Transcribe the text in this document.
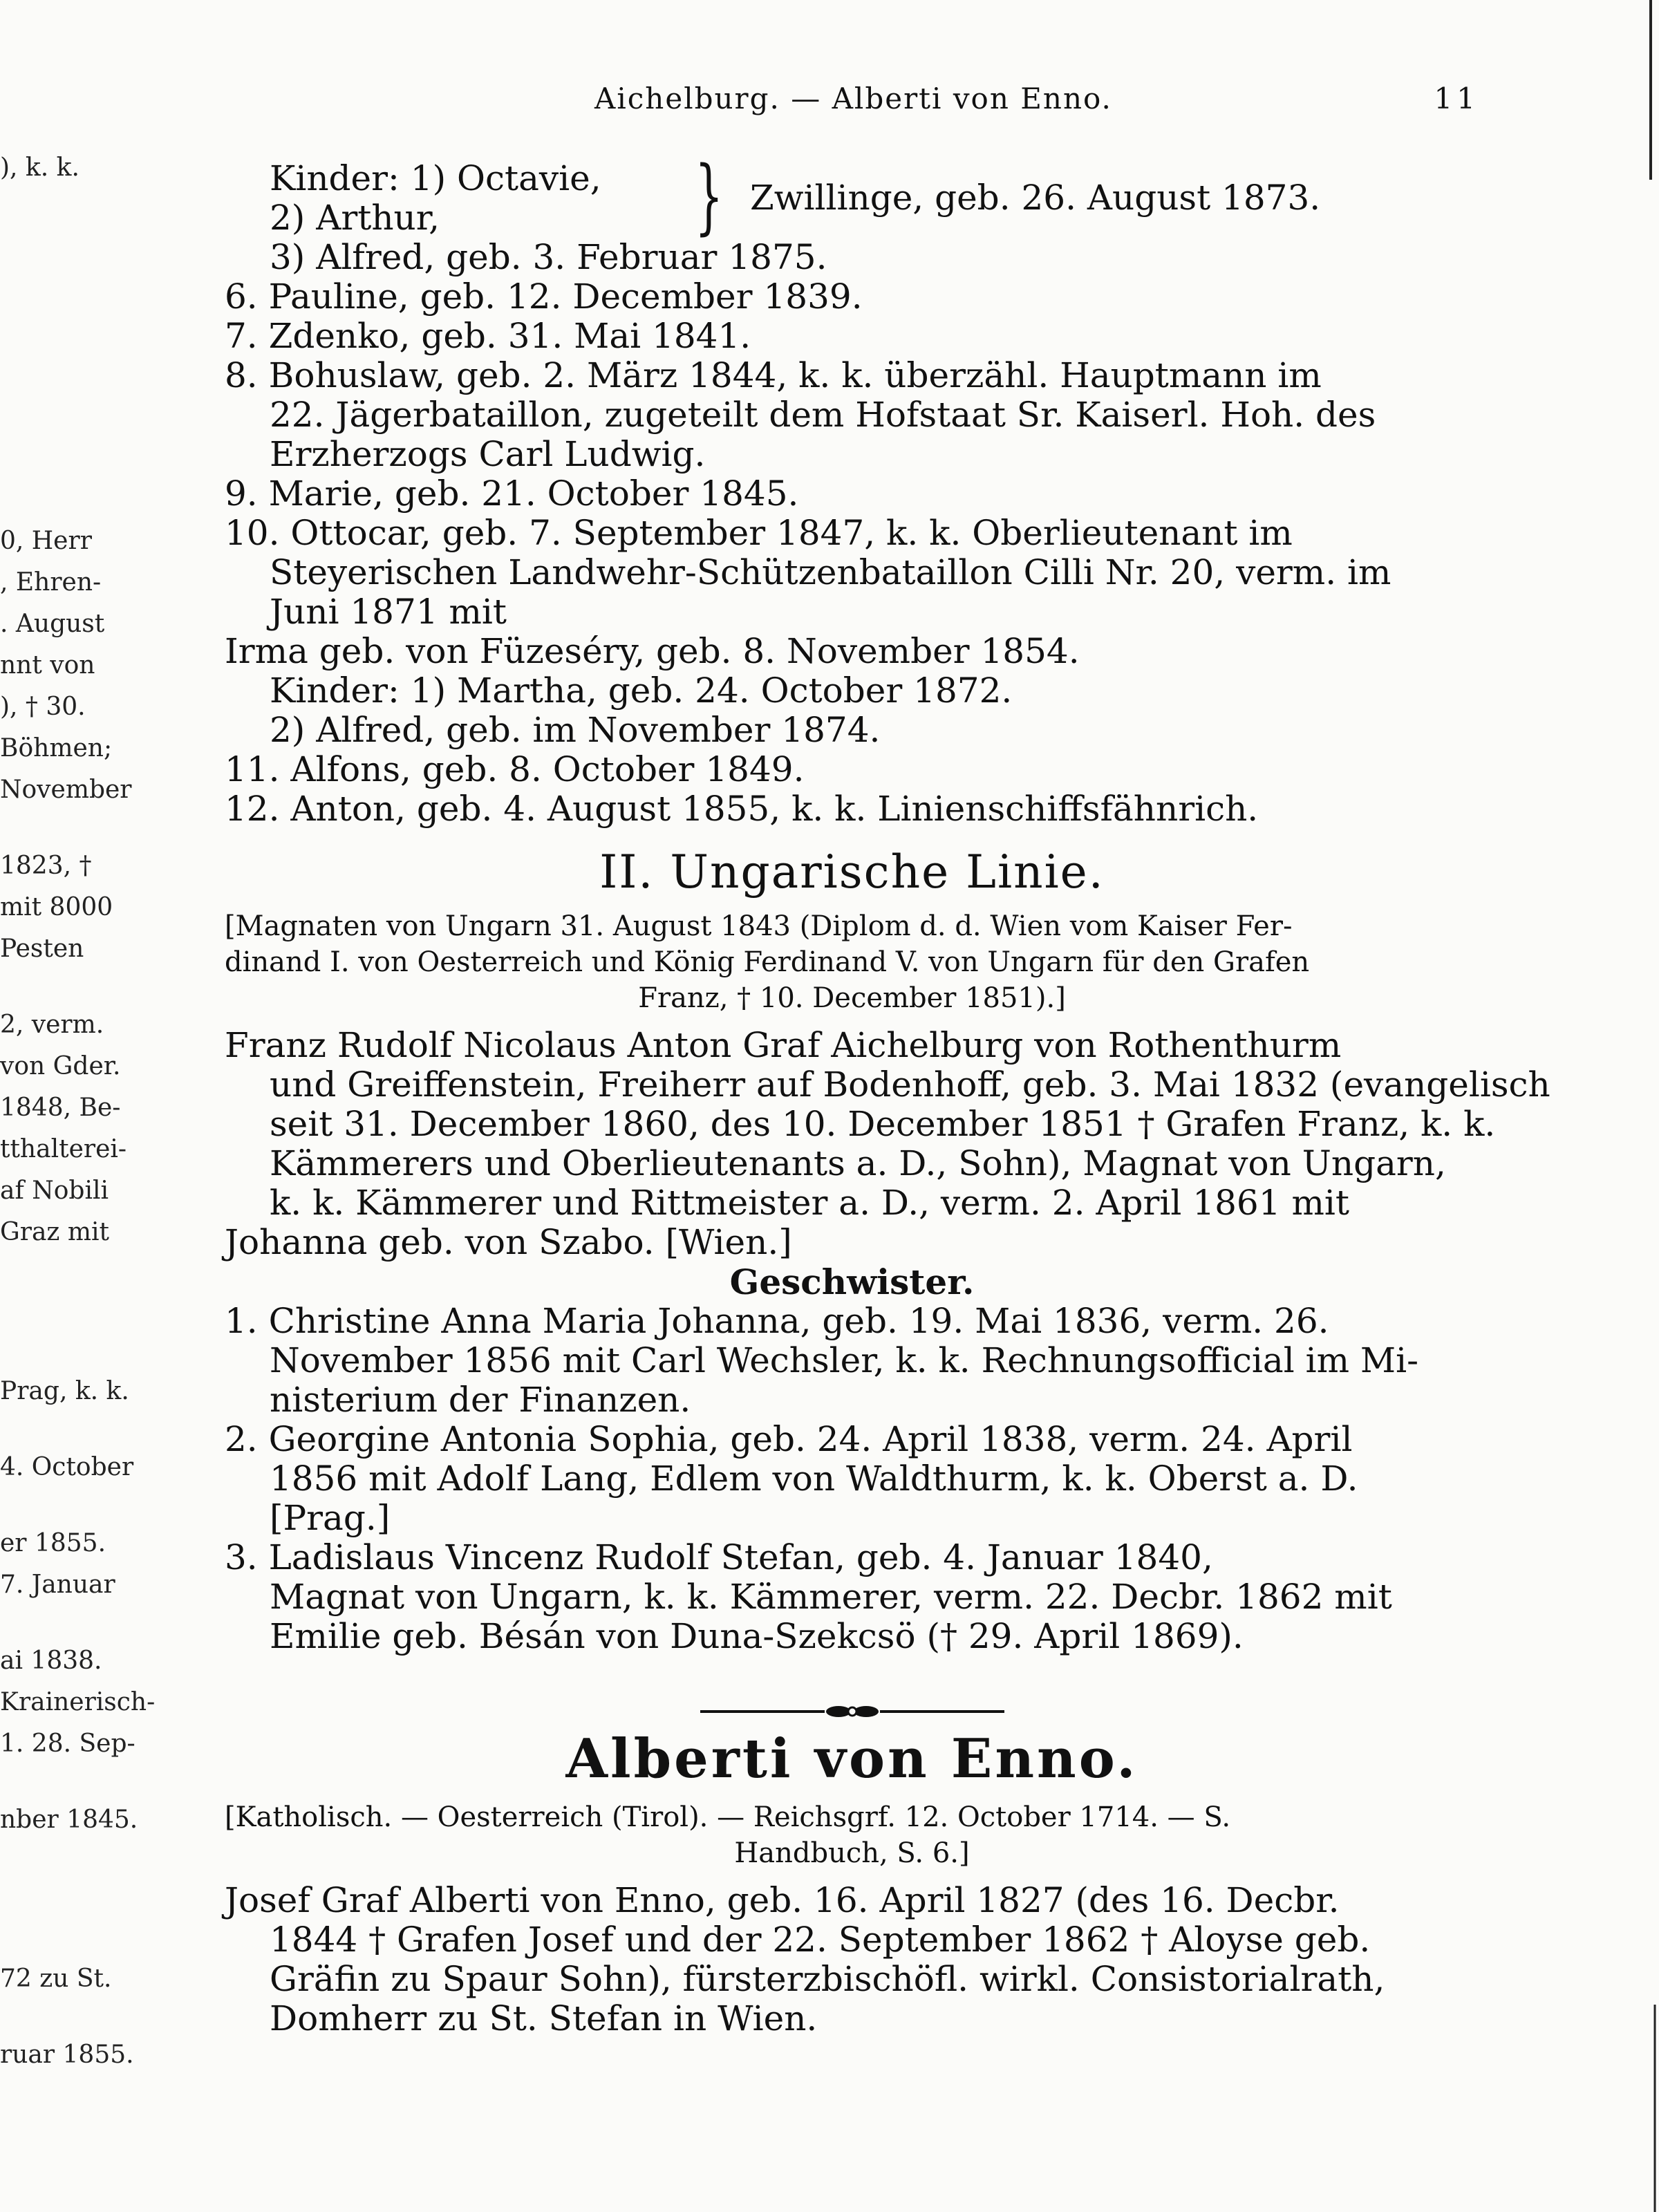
), k. k.
0, Herr
, Ehren-
. August
nnt von
), † 30.
Böhmen;
November
1823, †
mit 8000
Pesten
2, verm.
von Gder.
1848, Be-
tthalterei-
af Nobili
Graz mit
Prag, k. k.
4. October
er 1855.
7. Januar
ai 1838.
Krainerisch-
1. 28. Sep-
nber 1845.
72 zu St.
ruar 1855.
Aichelburg. — Alberti von Enno.	11
Kinder: 1) Octavie,
2) Arthur,	} Zwillinge, geb. 26. August 1873.
3) Alfred, geb. 3. Februar 1875.
6. Pauline, geb. 12. December 1839.
7. Zdenko, geb. 31. Mai 1841.
8. Bohuslaw, geb. 2. März 1844, k. k. überzähl. Hauptmann im
22. Jägerbataillon, zugeteilt dem Hofstaat Sr. Kaiserl. Hoh. des
Erzherzogs Carl Ludwig.
9. Marie, geb. 21. October 1845.
10. Ottocar, geb. 7. September 1847, k. k. Oberlieutenant im
Steyerischen Landwehr-Schützenbataillon Cilli Nr. 20, verm. im
Juni 1871 mit
Irma geb. von Füzeséry, geb. 8. November 1854.
Kinder: 1) Martha, geb. 24. October 1872.
2) Alfred, geb. im November 1874.
11. Alfons, geb. 8. October 1849.
12. Anton, geb. 4. August 1855, k. k. Linienschiffsfähnrich.
II. Ungarische Linie.
[Magnaten von Ungarn 31. August 1843 (Diplom d. d. Wien vom Kaiser Fer-
dinand I. von Oesterreich und König Ferdinand V. von Ungarn für den Grafen
Franz, † 10. December 1851).]
Franz Rudolf Nicolaus Anton Graf Aichelburg von Rothenthurm
und Greiffenstein, Freiherr auf Bodenhoff, geb. 3. Mai 1832 (evangelisch
seit 31. December 1860, des 10. December 1851 † Grafen Franz, k. k.
Kämmerers und Oberlieutenants a. D., Sohn), Magnat von Ungarn,
k. k. Kämmerer und Rittmeister a. D., verm. 2. April 1861 mit
Johanna geb. von Szabo. [Wien.]
Geschwister.
1. Christine Anna Maria Johanna, geb. 19. Mai 1836, verm. 26.
November 1856 mit Carl Wechsler, k. k. Rechnungsofficial im Mi-
nisterium der Finanzen.
2. Georgine Antonia Sophia, geb. 24. April 1838, verm. 24. April
1856 mit Adolf Lang, Edlem von Waldthurm, k. k. Oberst a. D.
[Prag.]
3. Ladislaus Vincenz Rudolf Stefan, geb. 4. Januar 1840,
Magnat von Ungarn, k. k. Kämmerer, verm. 22. Decbr. 1862 mit
Emilie geb. Bésán von Duna-Szekcsö († 29. April 1869).
Alberti von Enno.
[Katholisch. — Oesterreich (Tirol). — Reichsgrf. 12. October 1714. — S.
Handbuch, S. 6.]
Josef Graf Alberti von Enno, geb. 16. April 1827 (des 16. Decbr.
1844 † Grafen Josef und der 22. September 1862 † Aloyse geb.
Gräfin zu Spaur Sohn), fürsterzbischöfl. wirkl. Consistorialrath,
Domherr zu St. Stefan in Wien.
